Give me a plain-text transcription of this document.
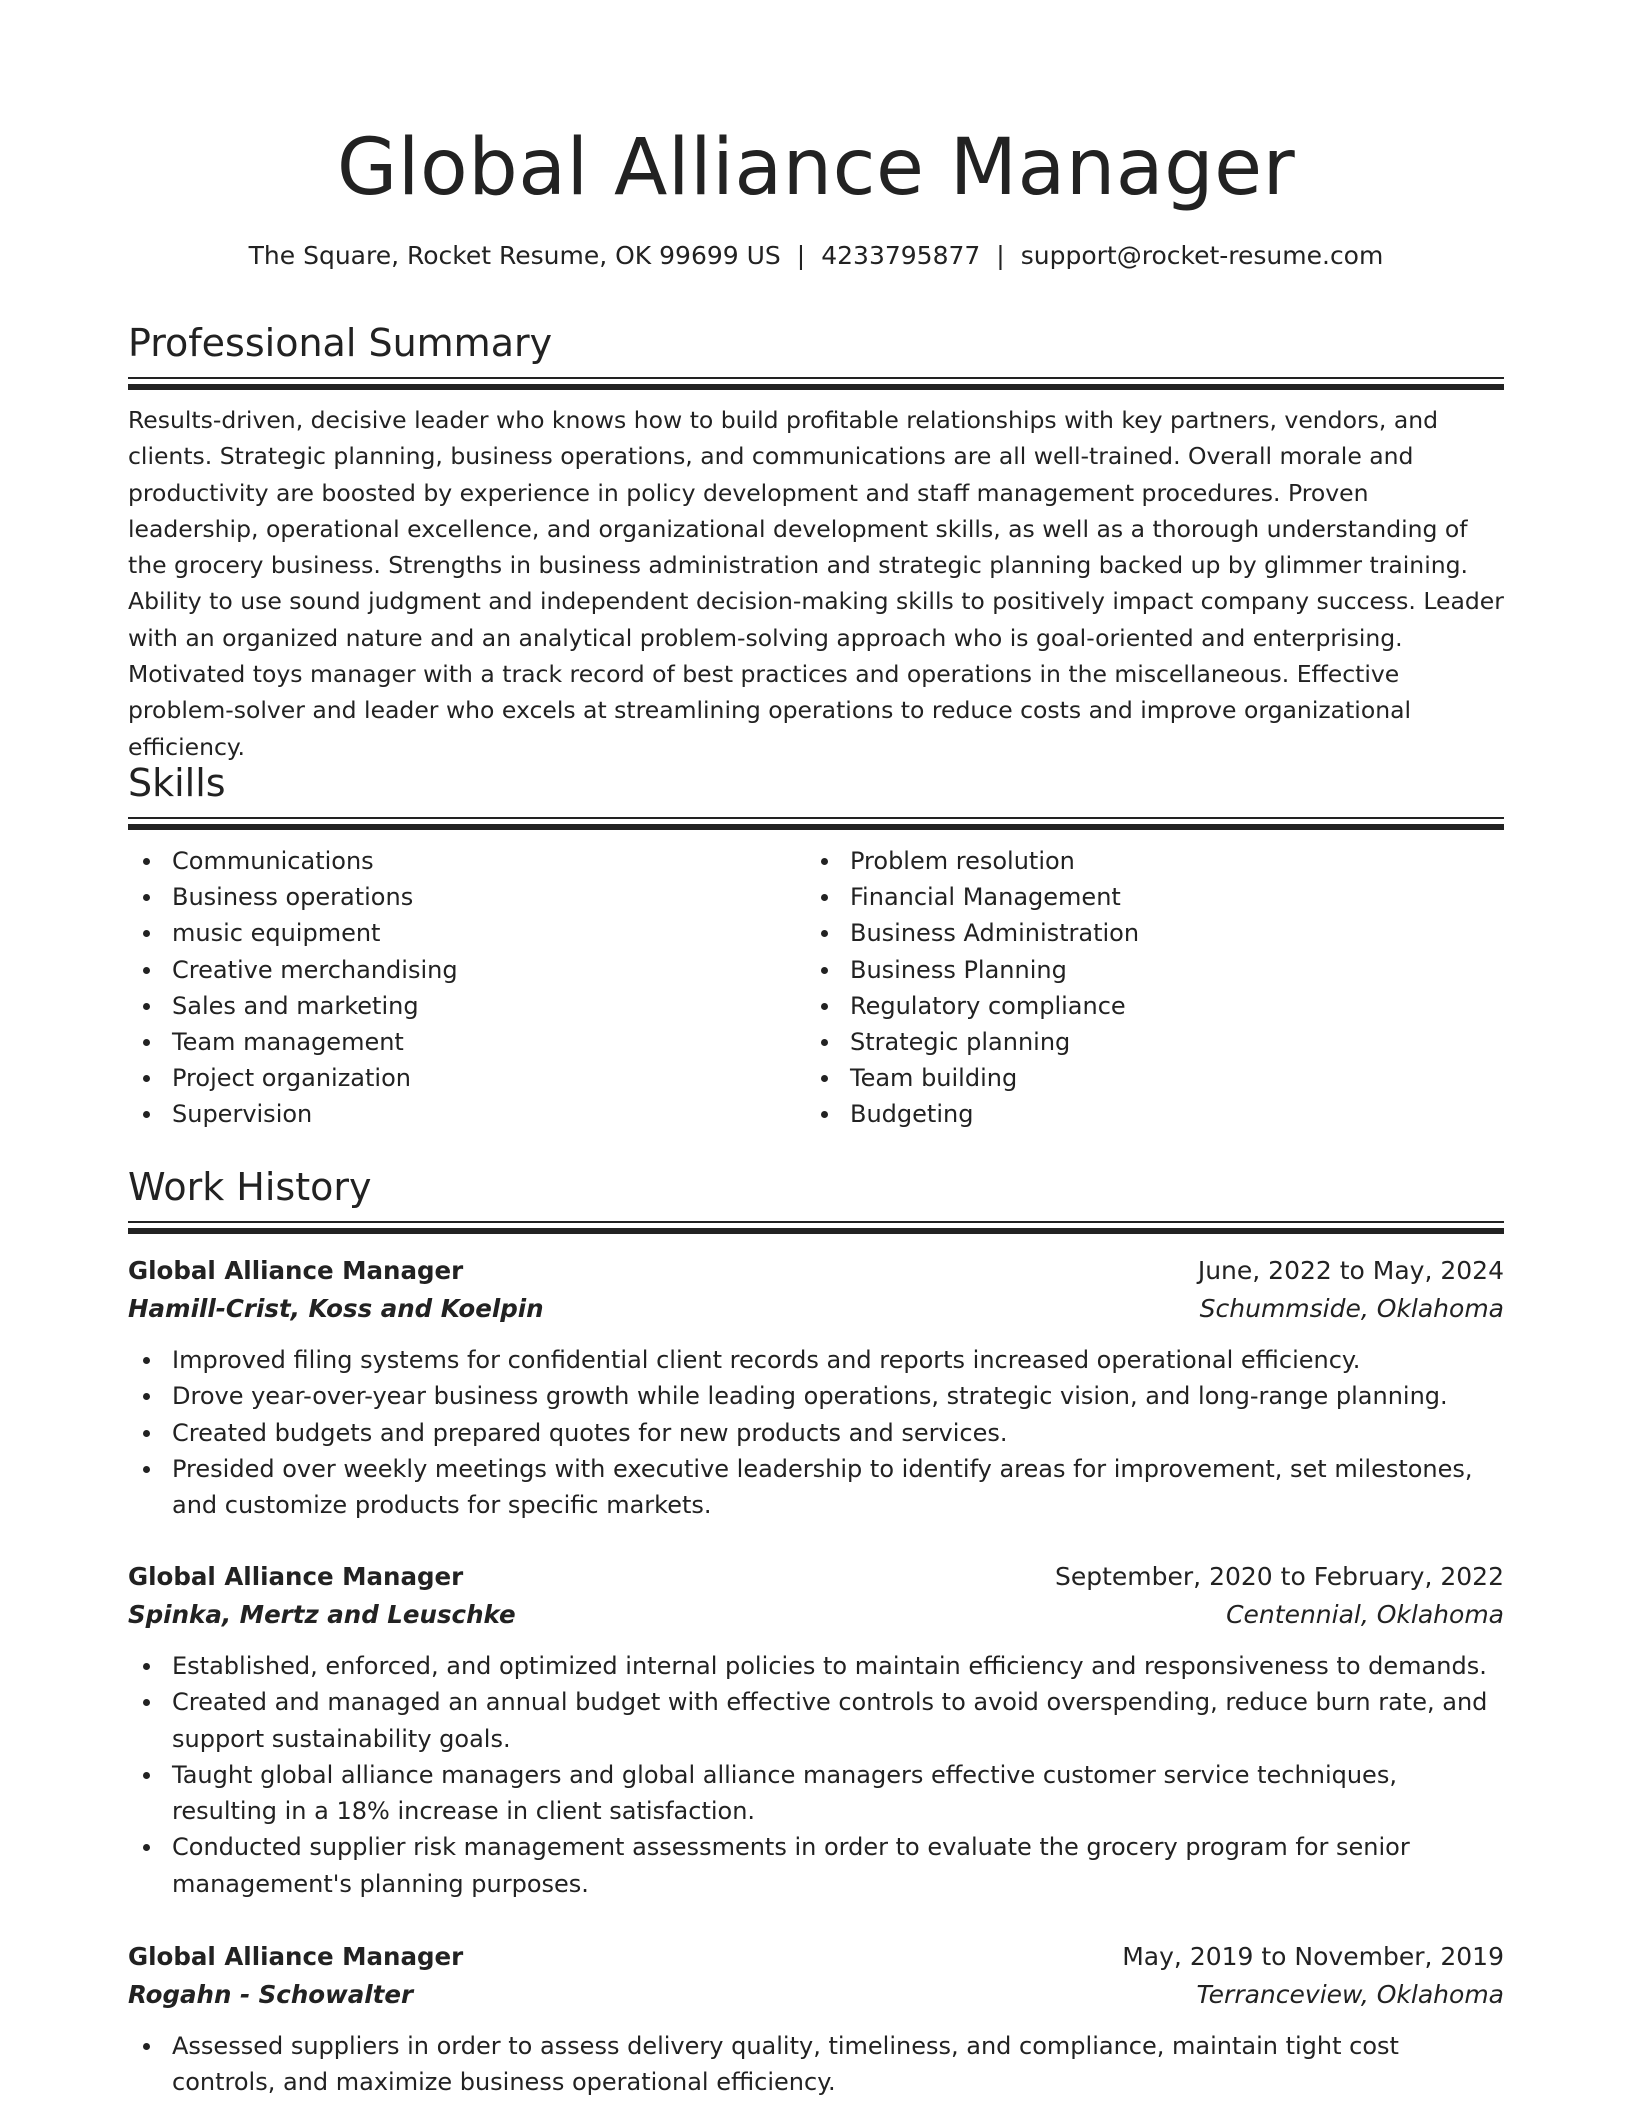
Global Alliance Manager
The Square, Rocket Resume, OK 99699 US | 4233795877 | support@rocket-resume.com
Professional Summary

Results-driven, decisive leader who knows how to build profitable relationships with key partners, vendors, and clients. Strategic planning, business operations, and communications are all well-trained. Overall morale and productivity are boosted by experience in policy development and staff management procedures. Proven leadership, operational excellence, and organizational development skills, as well as a thorough understanding of the grocery business. Strengths in business administration and strategic planning backed up by glimmer training. Ability to use sound judgment and independent decision-making skills to positively impact company success. Leader with an organized nature and an analytical problem-solving approach who is goal-oriented and enterprising. Motivated toys manager with a track record of best practices and operations in the miscellaneous. Effective problem-solver and leader who excels at streamlining operations to reduce costs and improve organizational efficiency.

Skills
Communications
Business operations
music equipment
Creative merchandising
Sales and marketing
Team management
Project organization
Supervision
Problem resolution
Financial Management
Business Administration
Business Planning
Regulatory compliance
Strategic planning
Team building
Budgeting
Work History
Global Alliance Manager	June, 2022 to May, 2024
Hamill-Crist, Koss and Koelpin	Schummside, Oklahoma
Improved filing systems for confidential client records and reports increased operational efficiency.
Drove year-over-year business growth while leading operations, strategic vision, and long-range planning.
Created budgets and prepared quotes for new products and services.
Presided over weekly meetings with executive leadership to identify areas for improvement, set milestones, and customize products for specific markets.
Global Alliance Manager	September, 2020 to February, 2022
Spinka, Mertz and Leuschke	Centennial, Oklahoma
Established, enforced, and optimized internal policies to maintain efficiency and responsiveness to demands.
Created and managed an annual budget with effective controls to avoid overspending, reduce burn rate, and support sustainability goals.
Taught global alliance managers and global alliance managers effective customer service techniques, resulting in a 18% increase in client satisfaction.
Conducted supplier risk management assessments in order to evaluate the grocery program for senior management's planning purposes.
Global Alliance Manager	May, 2019 to November, 2019
Rogahn - Schowalter	Terranceview, Oklahoma
Assessed suppliers in order to assess delivery quality, timeliness, and compliance, maintain tight cost controls, and maximize business operational efficiency.
